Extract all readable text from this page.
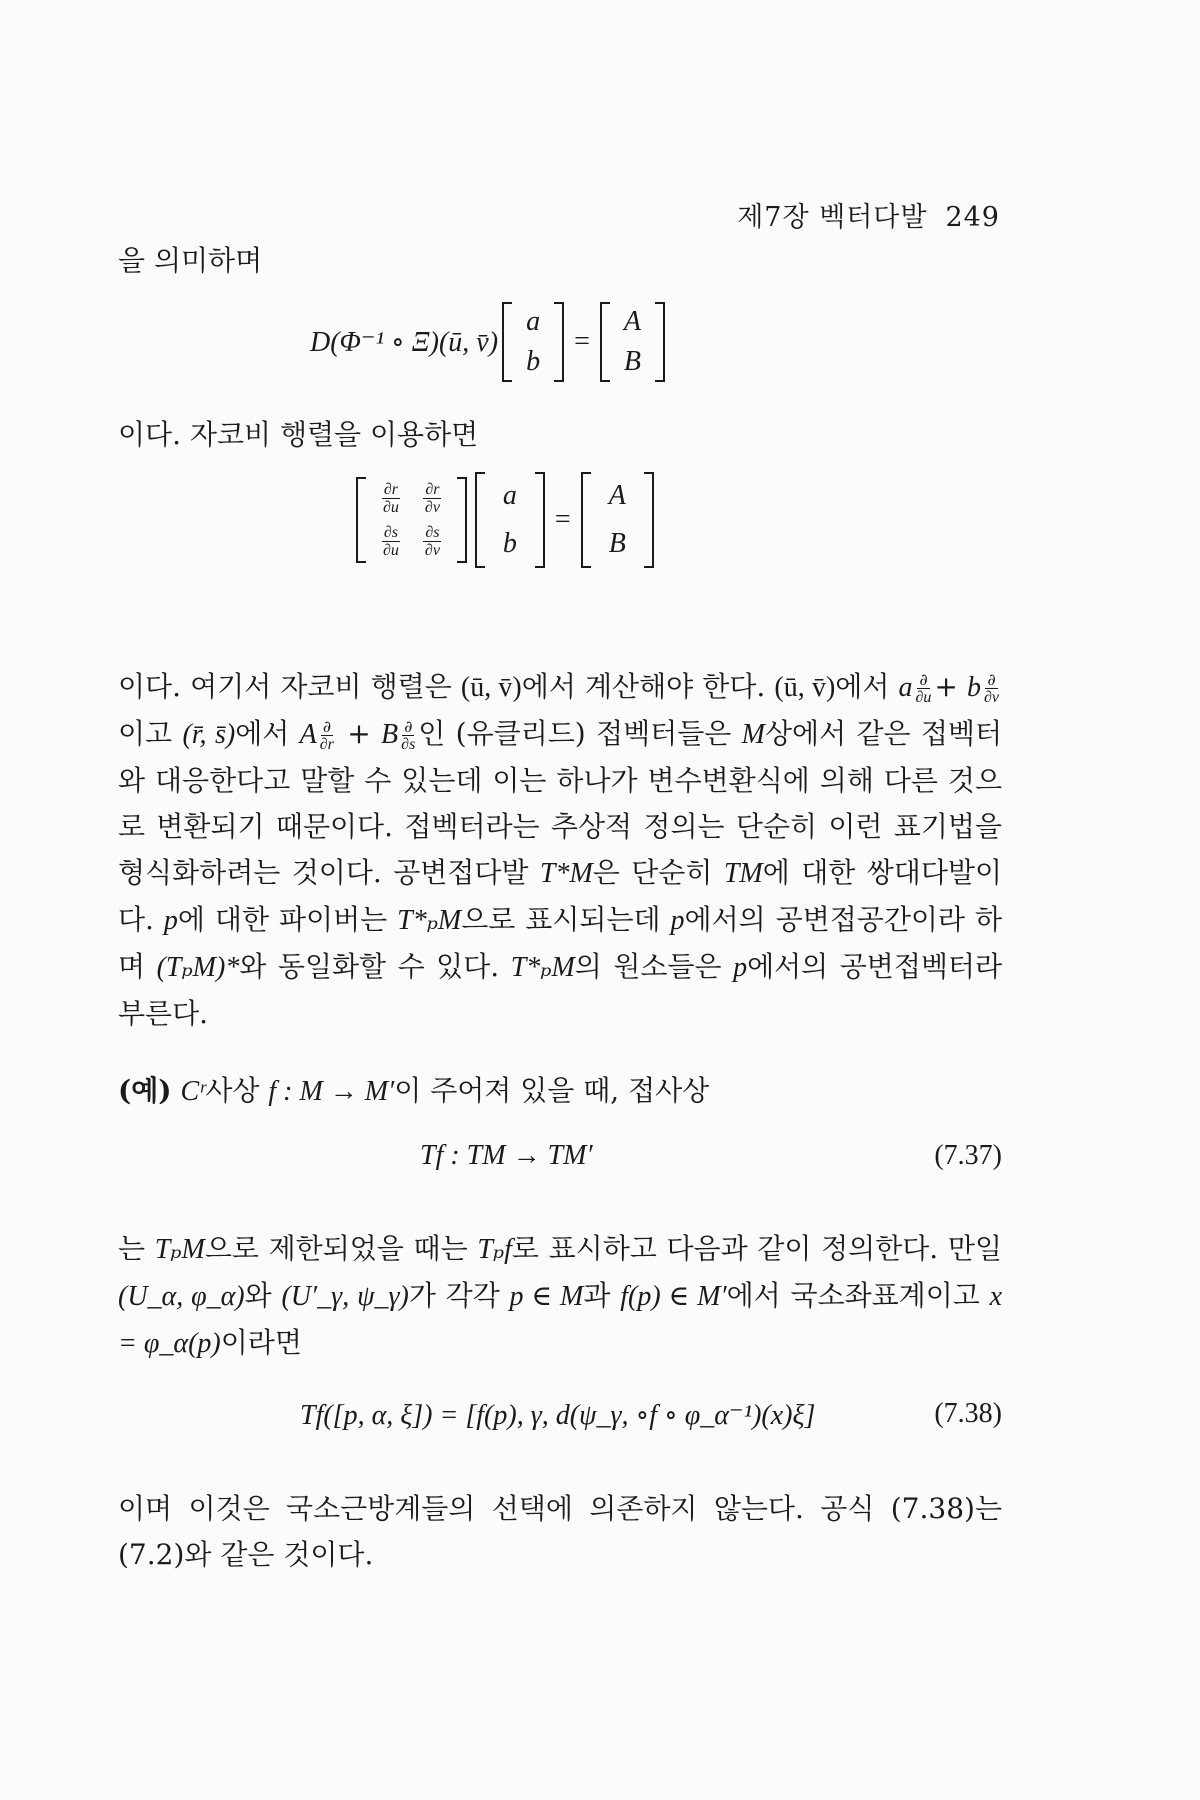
제7장 벡터다발 249
을 의미하며
D(Φ⁻¹ ∘ Ξ)(ū, v̄)
a
b
=
A
B
이다. 자코비 행렬을 이용하면
$\frac{\partial r}{\partial u}$	$\frac{\partial r}{\partial v}$

$\frac{\partial s}{\partial u}$	$\frac{\partial s}{\partial v}$
a
b
=
A
B

이다. 여기서 자코비 행렬은 (ū, v̄)에서 계산해야 한다. (ū, v̄)에서 a $\frac{\partial}{\partial u} + b \frac{\partial}{\partial v}$
이고 (r̄, s̄)에서 A $\frac{\partial}{\partial r} + B \frac{\partial}{\partial s}$ 인 (유클리드) 접벡터들은 M상에서 같은 접벡터와 대응한다고 말할 수 있는데 이는 하나가 변수변환식에 의해 다른 것으로 변환되기 때문이다. 접벡터라는 추상적 정의는 단순히 이런 표기법을 형식화하려는 것이다. 공변접다발 T*M은 단순히 TM에 대한 쌍대다발이다. p에 대한 파이버는 T*ₚM으로 표시되는데 p에서의 공변접공간이라 하며 (TₚM)*와 동일화할 수 있다. T*ₚM의 원소들은 p에서의 공변접벡터라 부른다.

(예) Cʳ사상 f : M → M′이 주어져 있을 때, 접사상
Tf : TM → TM′	(7.37)

는 TₚM으로 제한되었을 때는 Tₚf로 표시하고 다음과 같이 정의한다. 만일 (U_α, φ_α)와 (U′_γ, ψ_γ)가 각각 p ∈ M과 f(p) ∈ M′에서 국소좌표계이고 x = φ_α(p)이라면

Tf([p, α, ξ]) = [f(p), γ, d(ψ_γ, ∘f ∘ φ_α⁻¹)(x)ξ]	(7.38)

이며 이것은 국소근방계들의 선택에 의존하지 않는다. 공식 (7.38)는 (7.2)와 같은 것이다.
